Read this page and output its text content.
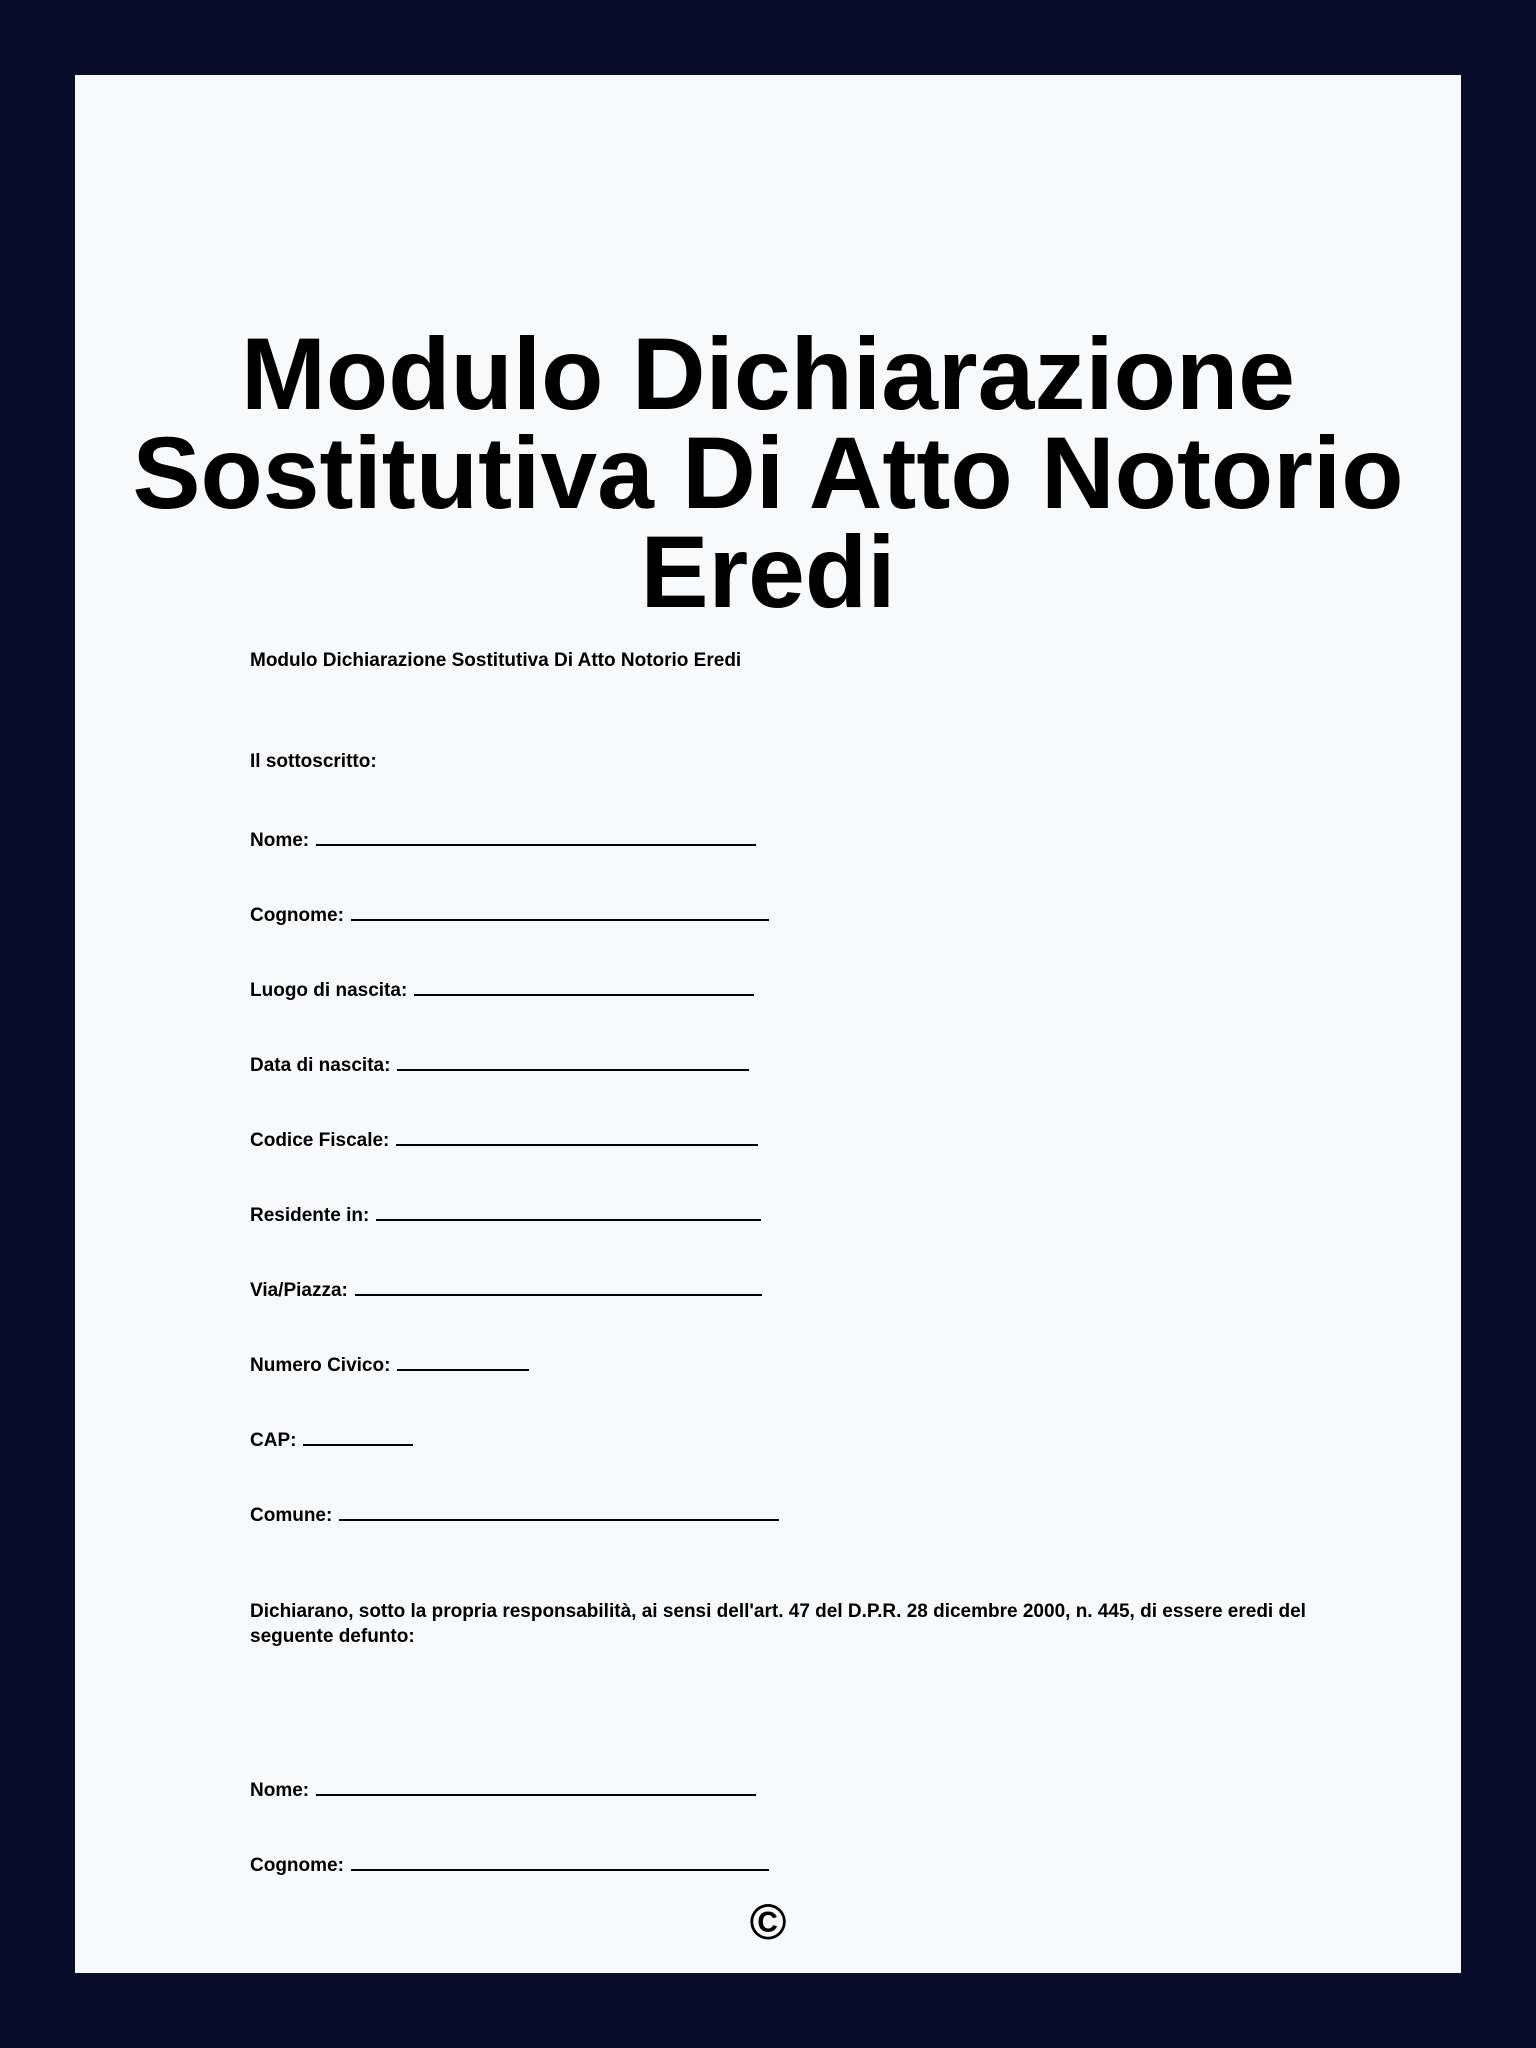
Modulo Dichiarazione Sostitutiva Di Atto Notorio Eredi
Modulo Dichiarazione Sostitutiva Di Atto Notorio Eredi
Il sottoscritto:
Nome:
Cognome:
Luogo di nascita:
Data di nascita:
Codice Fiscale:
Residente in:
Via/Piazza:
Numero Civico:
CAP:
Comune:
Dichiarano, sotto la propria responsabilità, ai sensi dell'art. 47 del D.P.R. 28 dicembre 2000, n. 445, di essere eredi del seguente defunto:
Nome:
Cognome:
©
